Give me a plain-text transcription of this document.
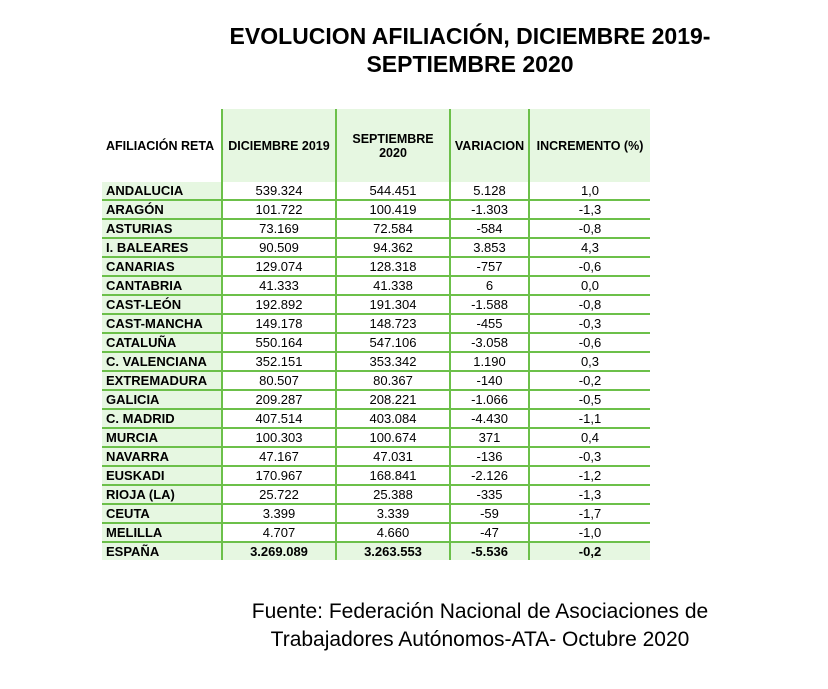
EVOLUCION AFILIACIÓN, DICIEMBRE 2019-
SEPTIEMBRE 2020
AFILIACIÓN RETA	DICIEMBRE 2019	SEPTIEMBRE 2020	VARIACION	INCREMENTO (%)
ANDALUCIA	539.324	544.451	5.128	1,0
ARAGÓN	101.722	100.419	-1.303	-1,3
ASTURIAS	73.169	72.584	-584	-0,8
I. BALEARES	90.509	94.362	3.853	4,3
CANARIAS	129.074	128.318	-757	-0,6
CANTABRIA	41.333	41.338	6	0,0
CAST-LEÓN	192.892	191.304	-1.588	-0,8
CAST-MANCHA	149.178	148.723	-455	-0,3
CATALUÑA	550.164	547.106	-3.058	-0,6
C. VALENCIANA	352.151	353.342	1.190	0,3
EXTREMADURA	80.507	80.367	-140	-0,2
GALICIA	209.287	208.221	-1.066	-0,5
C. MADRID	407.514	403.084	-4.430	-1,1
MURCIA	100.303	100.674	371	0,4
NAVARRA	47.167	47.031	-136	-0,3
EUSKADI	170.967	168.841	-2.126	-1,2
RIOJA (LA)	25.722	25.388	-335	-1,3
CEUTA	3.399	3.339	-59	-1,7
MELILLA	4.707	4.660	-47	-1,0
ESPAÑA	3.269.089	3.263.553	-5.536	-0,2
Fuente: Federación Nacional de Asociaciones de
Trabajadores Autónomos-ATA- Octubre 2020
